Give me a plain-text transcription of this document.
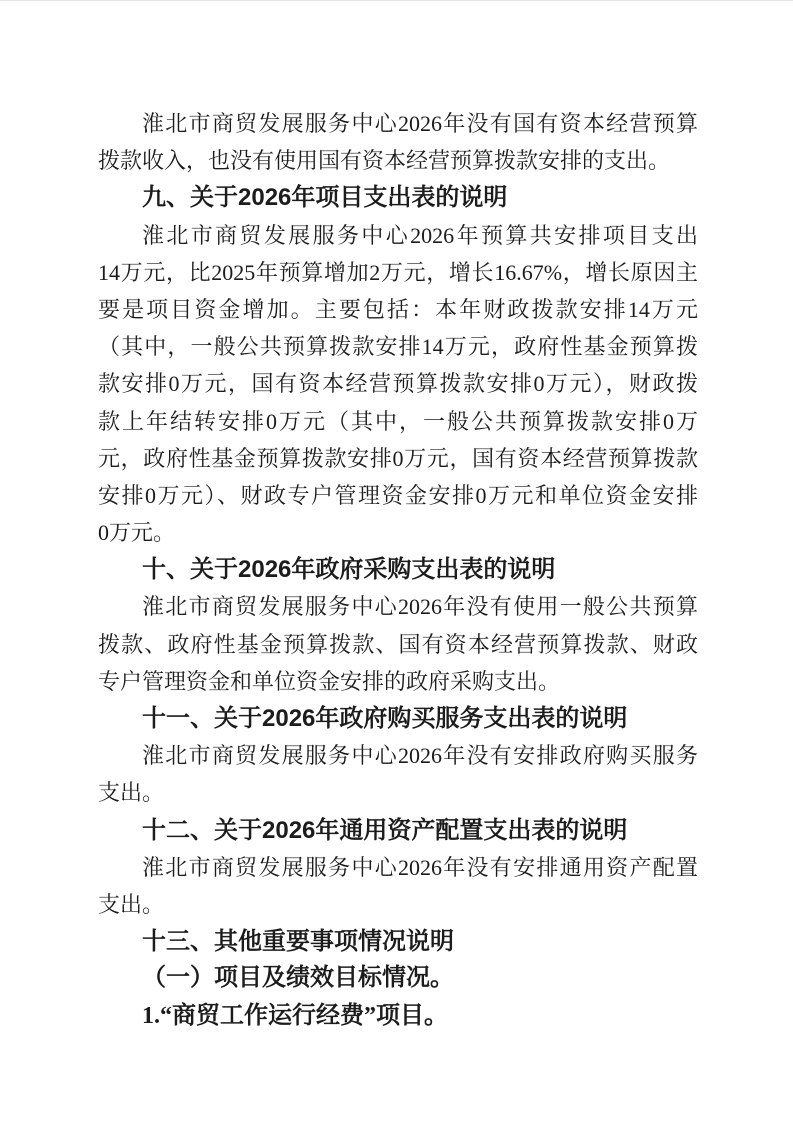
淮北市商贸发展服务中心2026年没有国有资本经营预算
拨款收入，也没有使用国有资本经营预算拨款安排的支出。
九、关于2026年项目支出表的说明
淮北市商贸发展服务中心2026年预算共安排项目支出
14万元，比2025年预算增加2万元，增长16.67%，增长原因主
要是项目资金增加。主要包括：本年财政拨款安排14万元
（其中，一般公共预算拨款安排14万元，政府性基金预算拨
款安排0万元，国有资本经营预算拨款安排0万元），财政拨
款上年结转安排0万元（其中，一般公共预算拨款安排0万
元，政府性基金预算拨款安排0万元，国有资本经营预算拨款
安排0万元）、财政专户管理资金安排0万元和单位资金安排
0万元。
十、关于2026年政府采购支出表的说明
淮北市商贸发展服务中心2026年没有使用一般公共预算
拨款、政府性基金预算拨款、国有资本经营预算拨款、财政
专户管理资金和单位资金安排的政府采购支出。
十一、关于2026年政府购买服务支出表的说明
淮北市商贸发展服务中心2026年没有安排政府购买服务
支出。
十二、关于2026年通用资产配置支出表的说明
淮北市商贸发展服务中心2026年没有安排通用资产配置
支出。
十三、其他重要事项情况说明
（一）项目及绩效目标情况。
1.“商贸工作运行经费”项目。
